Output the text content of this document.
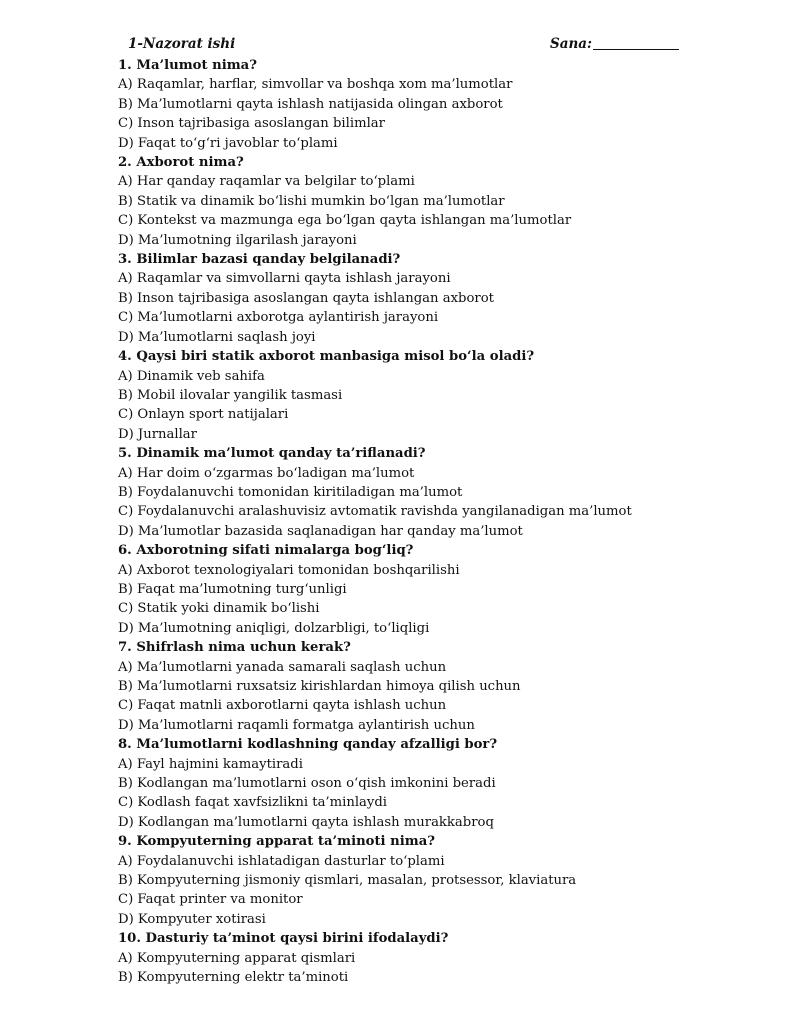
1-Nazorat ishi	Sana:
1. Ma’lumot nima?
A) Raqamlar, harflar, simvollar va boshqa xom ma’lumotlar
B) Ma’lumotlarni qayta ishlash natijasida olingan axborot
C) Inson tajribasiga asoslangan bilimlar
D) Faqat to‘g‘ri javoblar to‘plami
2. Axborot nima?
A) Har qanday raqamlar va belgilar to‘plami
B) Statik va dinamik bo‘lishi mumkin bo‘lgan ma’lumotlar
C) Kontekst va mazmunga ega bo‘lgan qayta ishlangan ma’lumotlar
D) Ma’lumotning ilgarilash jarayoni
3. Bilimlar bazasi qanday belgilanadi?
A) Raqamlar va simvollarni qayta ishlash jarayoni
B) Inson tajribasiga asoslangan qayta ishlangan axborot
C) Ma’lumotlarni axborotga aylantirish jarayoni
D) Ma’lumotlarni saqlash joyi
4. Qaysi biri statik axborot manbasiga misol bo‘la oladi?
A) Dinamik veb sahifa
B) Mobil ilovalar yangilik tasmasi
C) Onlayn sport natijalari
D) Jurnallar
5. Dinamik ma’lumot qanday ta’riflanadi?
A) Har doim o‘zgarmas bo‘ladigan ma’lumot
B) Foydalanuvchi tomonidan kiritiladigan ma’lumot
C) Foydalanuvchi aralashuvisiz avtomatik ravishda yangilanadigan ma’lumot
D) Ma’lumotlar bazasida saqlanadigan har qanday ma’lumot
6. Axborotning sifati nimalarga bog‘liq?
A) Axborot texnologiyalari tomonidan boshqarilishi
B) Faqat ma’lumotning turg‘unligi
C) Statik yoki dinamik bo‘lishi
D) Ma’lumotning aniqligi, dolzarbligi, to‘liqligi
7. Shifrlash nima uchun kerak?
A) Ma’lumotlarni yanada samarali saqlash uchun
B) Ma’lumotlarni ruxsatsiz kirishlardan himoya qilish uchun
C) Faqat matnli axborotlarni qayta ishlash uchun
D) Ma’lumotlarni raqamli formatga aylantirish uchun
8. Ma’lumotlarni kodlashning qanday afzalligi bor?
A) Fayl hajmini kamaytiradi
B) Kodlangan ma’lumotlarni oson o‘qish imkonini beradi
C) Kodlash faqat xavfsizlikni ta’minlaydi
D) Kodlangan ma’lumotlarni qayta ishlash murakkabroq
9. Kompyuterning apparat ta’minoti nima?
A) Foydalanuvchi ishlatadigan dasturlar to‘plami
B) Kompyuterning jismoniy qismlari, masalan, protsessor, klaviatura
C) Faqat printer va monitor
D) Kompyuter xotirasi
10. Dasturiy ta’minot qaysi birini ifodalaydi?
A) Kompyuterning apparat qismlari
B) Kompyuterning elektr ta’minoti
